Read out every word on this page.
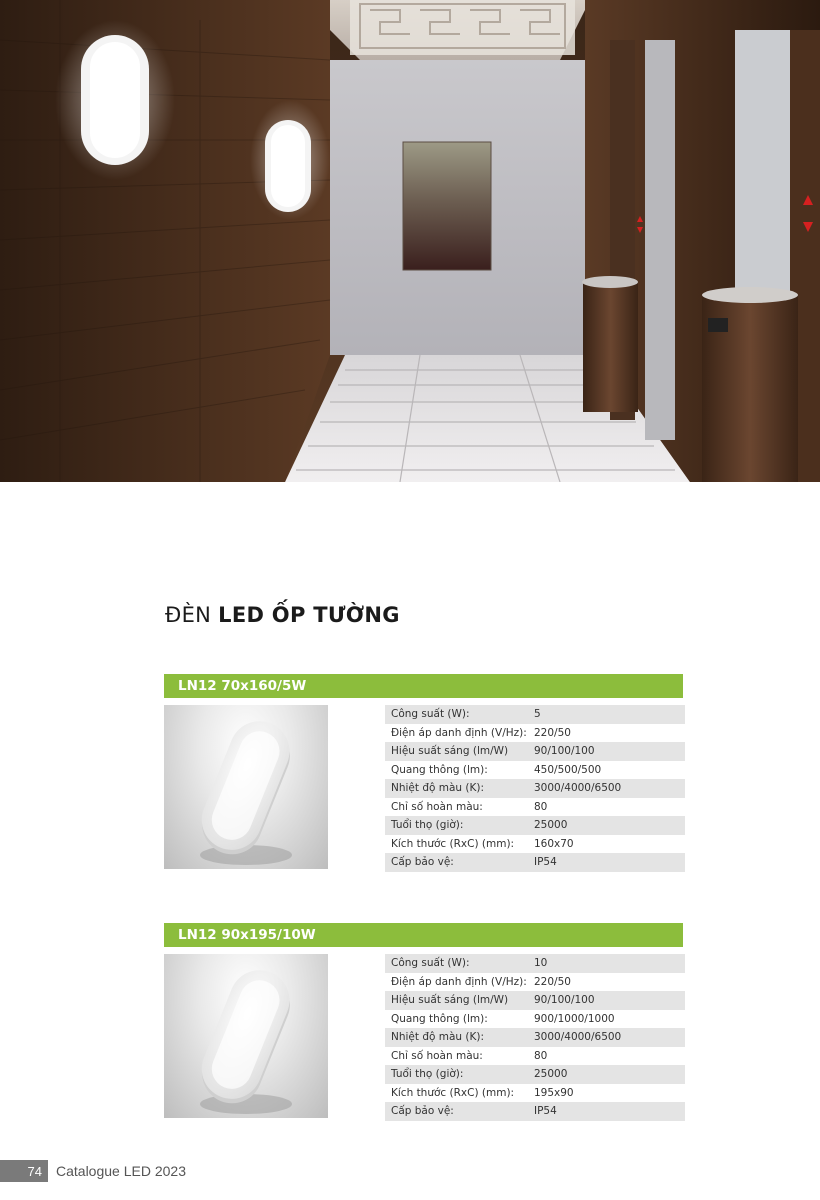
ĐÈN LED ỐP TƯỜNG
LN12 70x160/5W
Công suất (W):	5
Điện áp danh định (V/Hz):	220/50
Hiệu suất sáng (lm/W)	90/100/100
Quang thông (lm):	450/500/500
Nhiệt độ màu (K):	3000/4000/6500
Chỉ số hoàn màu:	80
Tuổi thọ (giờ):	25000
Kích thước (RxC) (mm):	160x70
Cấp bảo vệ:	IP54
LN12 90x195/10W
Công suất (W):	10
Điện áp danh định (V/Hz):	220/50
Hiệu suất sáng (lm/W)	90/100/100
Quang thông (lm):	900/1000/1000
Nhiệt độ màu (K):	3000/4000/6500
Chỉ số hoàn màu:	80
Tuổi thọ (giờ):	25000
Kích thước (RxC) (mm):	195x90
Cấp bảo vệ:	IP54
74	Catalogue LED 2023
